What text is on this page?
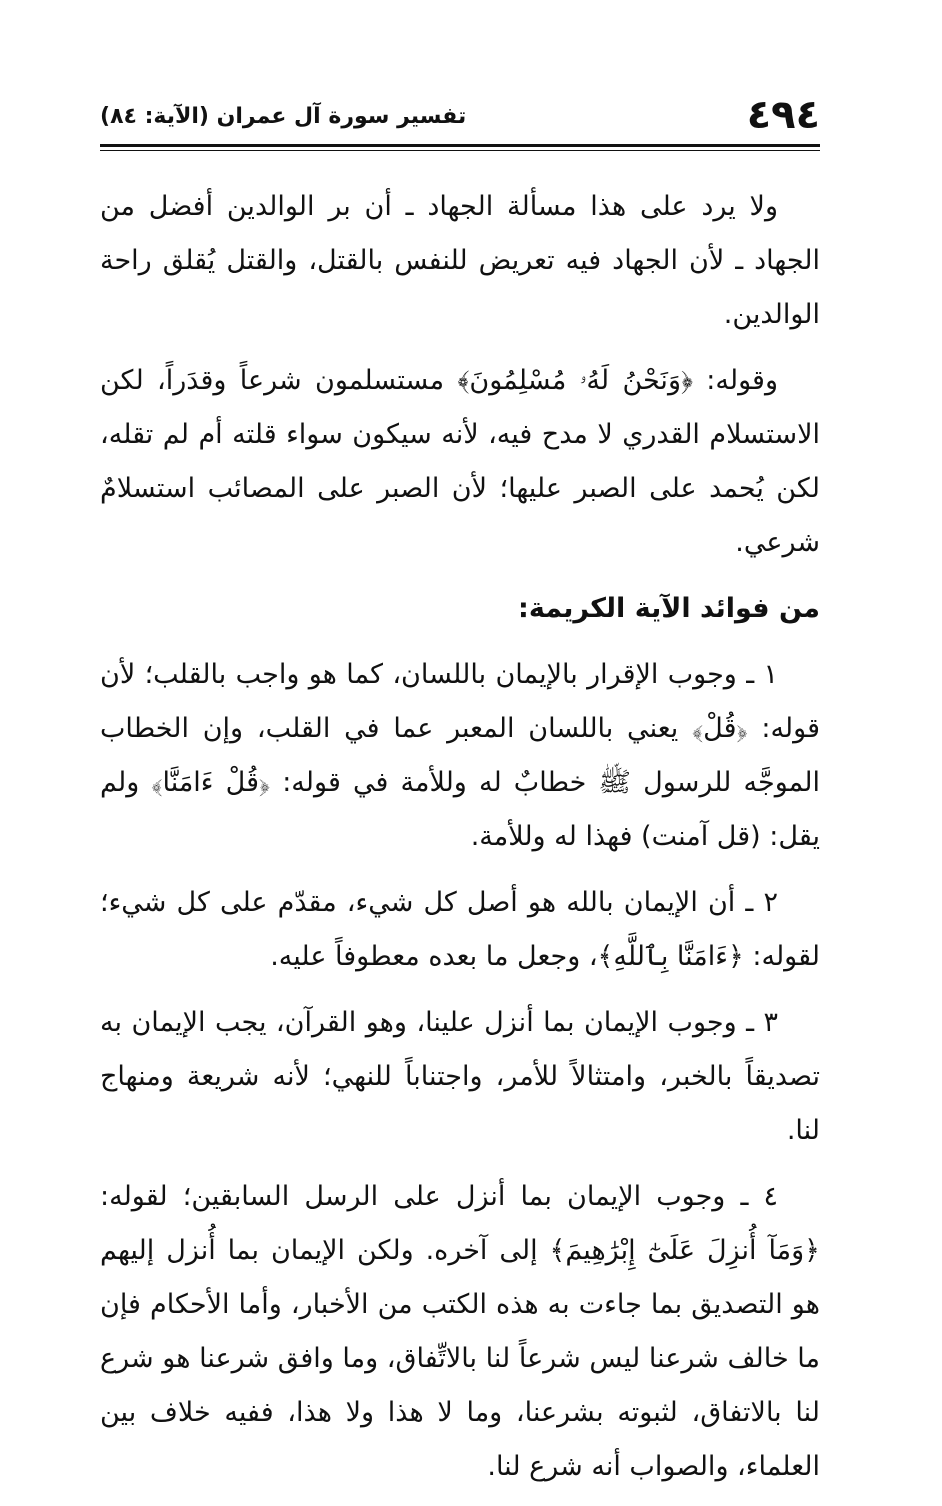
٤٩٤
تفسير سورة آل عمران (الآية: ٨٤)

ولا يرد على هذا مسألة الجهاد ـ أن بر الوالدين أفضل من الجهاد ـ لأن الجهاد فيه تعريض للنفس بالقتل، والقتل يُقلق راحة الوالدين.

وقوله: ﴿وَنَحْنُ لَهُۥ مُسْلِمُونَ﴾ مستسلمون شرعاً وقدَراً، لكن الاستسلام القدري لا مدح فيه، لأنه سيكون سواء قلته أم لم تقله، لكن يُحمد على الصبر عليها؛ لأن الصبر على المصائب استسلامٌ شرعي.

من فوائد الآية الكريمة:

١ ـ وجوب الإقرار بالإيمان باللسان، كما هو واجب بالقلب؛ لأن قوله: ﴿قُلْ﴾ يعني باللسان المعبر عما في القلب، وإن الخطاب الموجَّه للرسول ﷺ خطابٌ له وللأمة في قوله: ﴿قُلْ ءَامَنَّا﴾ ولم يقل: (قل آمنت) فهذا له وللأمة.

٢ ـ أن الإيمان بالله هو أصل كل شيء، مقدّم على كل شيء؛ لقوله: ﴿ءَامَنَّا بِٱللَّهِ﴾، وجعل ما بعده معطوفاً عليه.

٣ ـ وجوب الإيمان بما أنزل علينا، وهو القرآن، يجب الإيمان به تصديقاً بالخبر، وامتثالاً للأمر، واجتناباً للنهي؛ لأنه شريعة ومنهاج لنا.

٤ ـ وجوب الإيمان بما أنزل على الرسل السابقين؛ لقوله: ﴿وَمَآ أُنزِلَ عَلَىٰٓ إِبْرَٰهِيمَ﴾ إلى آخره. ولكن الإيمان بما أُنزل إليهم هو التصديق بما جاءت به هذه الكتب من الأخبار، وأما الأحكام فإن ما خالف شرعنا ليس شرعاً لنا بالاتِّفاق، وما وافق شرعنا هو شرع لنا بالاتفاق، لثبوته بشرعنا، وما لا هذا ولا هذا، ففيه خلاف بين العلماء، والصواب أنه شرع لنا.
